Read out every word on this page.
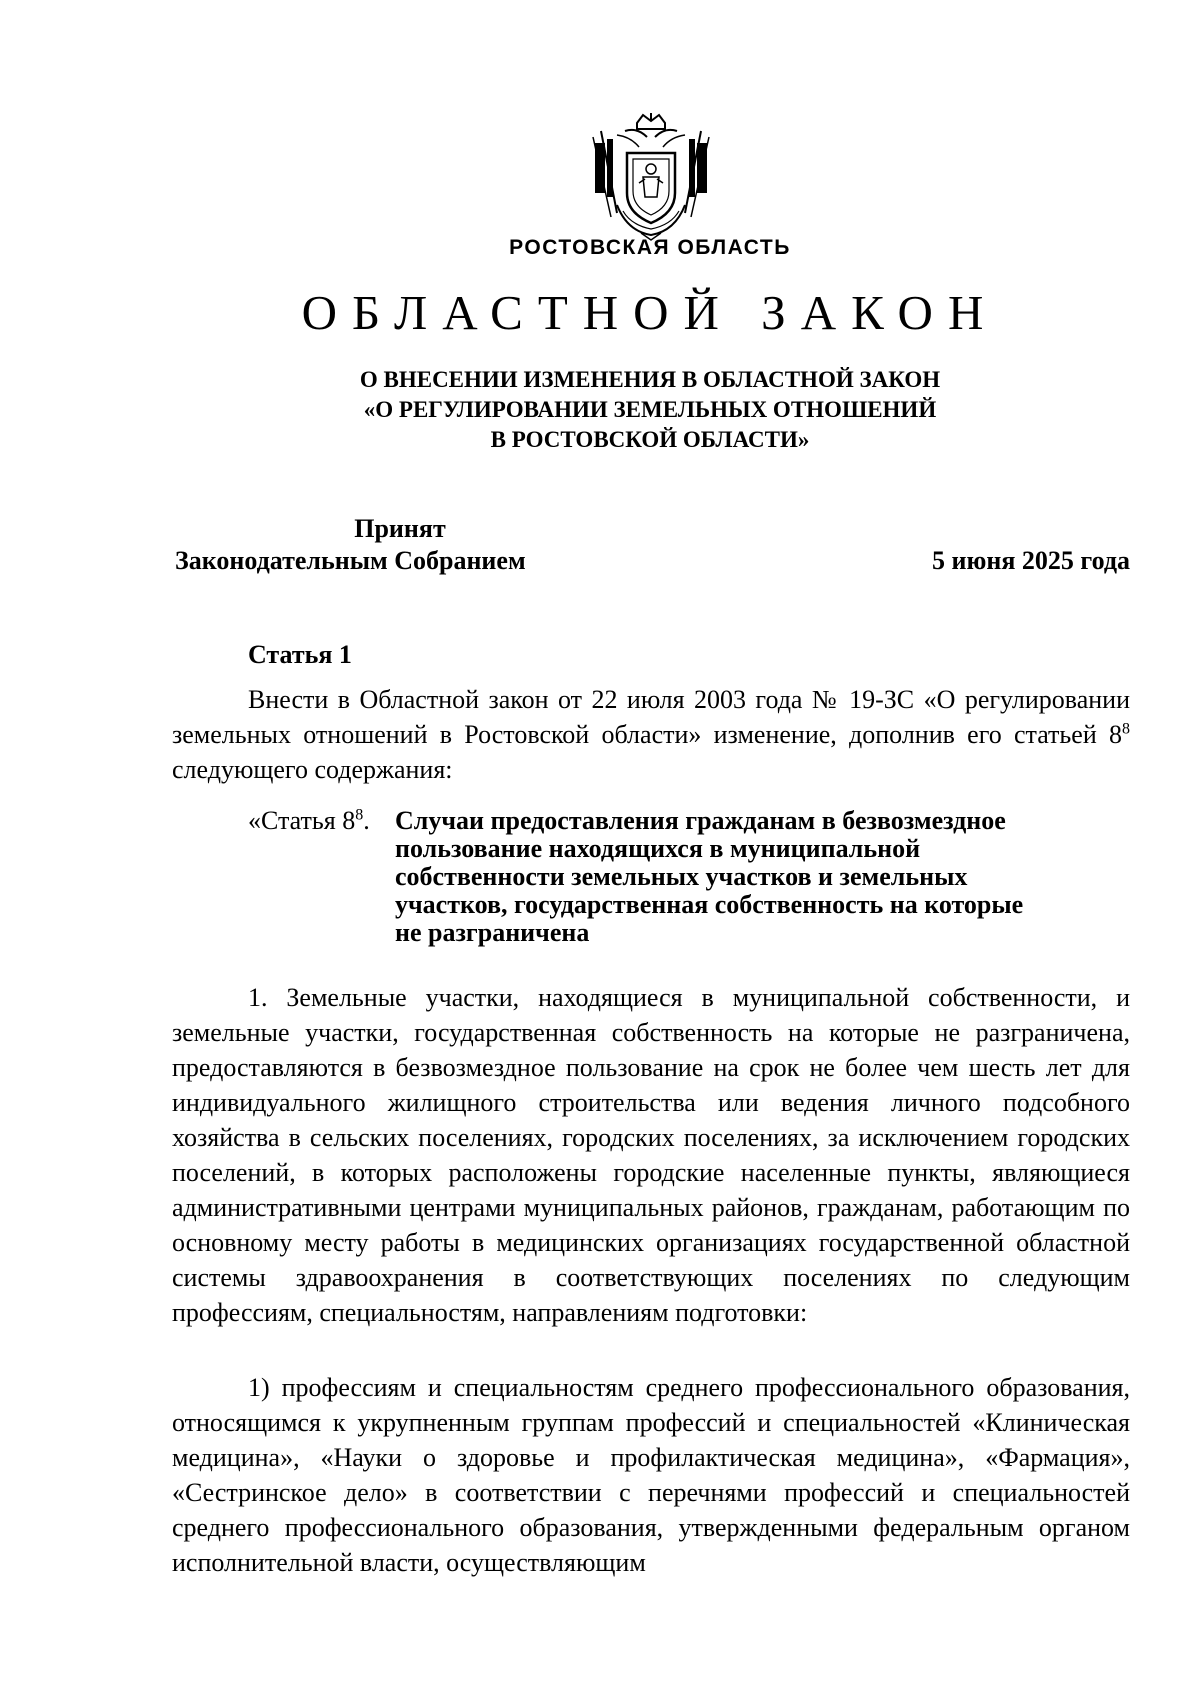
РОСТОВСКАЯ ОБЛАСТЬ
ОБЛАСТНОЙ ЗАКОН
О ВНЕСЕНИИ ИЗМЕНЕНИЯ В ОБЛАСТНОЙ ЗАКОН
«О РЕГУЛИРОВАНИИ ЗЕМЕЛЬНЫХ ОТНОШЕНИЙ
В РОСТОВСКОЙ ОБЛАСТИ»
Принят
Законодательным Собранием	5 июня 2025 года
Статья 1
Внести в Областной закон от 22 июля 2003 года № 19-ЗС «О регулировании земельных отношений в Ростовской области» изменение, дополнив его статьей $8^8$ следующего содержания:
«Статья $8^8$. Случаи предоставления гражданам в безвозмездное
пользование находящихся в муниципальной
собственности земельных участков и земельных
участков, государственная собственность на которые
не разграничена
1. Земельные участки, находящиеся в муниципальной собственности, и земельные участки, государственная собственность на которые не разграничена, предоставляются в безвозмездное пользование на срок не более чем шесть лет для индивидуального жилищного строительства или ведения личного подсобного хозяйства в сельских поселениях, городских поселениях, за исключением городских поселений, в которых расположены городские населенные пункты, являющиеся административными центрами муниципальных районов, гражданам, работающим по основному месту работы в медицинских организациях государственной областной системы здравоохранения в соответствующих поселениях по следующим профессиям, специальностям, направлениям подготовки:
1) профессиям и специальностям среднего профессионального образования, относящимся к укрупненным группам профессий и специальностей «Клиническая медицина», «Науки о здоровье и профилактическая медицина», «Фармация», «Сестринское дело» в соответствии с перечнями профессий и специальностей среднего профессионального образования, утвержденными федеральным органом исполнительной власти, осуществляющим
